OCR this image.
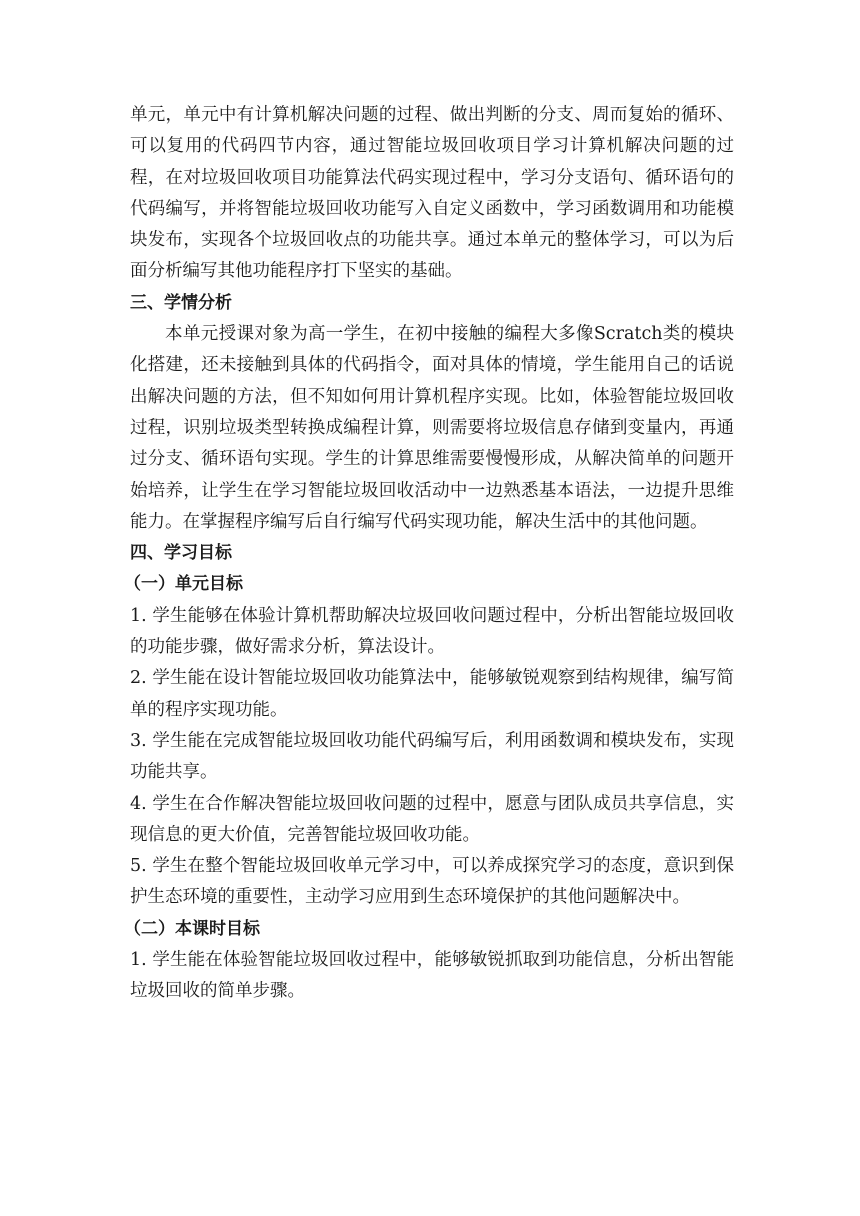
单元，单元中有计算机解决问题的过程、做出判断的分支、周而复始的循环、可以复用的代码四节内容，通过智能垃圾回收项目学习计算机解决问题的过程，在对垃圾回收项目功能算法代码实现过程中，学习分支语句、循环语句的代码编写，并将智能垃圾回收功能写入自定义函数中，学习函数调用和功能模块发布，实现各个垃圾回收点的功能共享。通过本单元的整体学习，可以为后面分析编写其他功能程序打下坚实的基础。

三、学情分析

本单元授课对象为高一学生，在初中接触的编程大多像Scratch类的模块化搭建，还未接触到具体的代码指令，面对具体的情境，学生能用自己的话说出解决问题的方法，但不知如何用计算机程序实现。比如，体验智能垃圾回收过程，识别垃圾类型转换成编程计算，则需要将垃圾信息存储到变量内，再通过分支、循环语句实现。学生的计算思维需要慢慢形成，从解决简单的问题开始培养，让学生在学习智能垃圾回收活动中一边熟悉基本语法，一边提升思维能力。在掌握程序编写后自行编写代码实现功能，解决生活中的其他问题。

四、学习目标

（一）单元目标

1. 学生能够在体验计算机帮助解决垃圾回收问题过程中，分析出智能垃圾回收的功能步骤，做好需求分析，算法设计。

2. 学生能在设计智能垃圾回收功能算法中，能够敏锐观察到结构规律，编写简单的程序实现功能。

3. 学生能在完成智能垃圾回收功能代码编写后，利用函数调和模块发布，实现功能共享。

4. 学生在合作解决智能垃圾回收问题的过程中，愿意与团队成员共享信息，实现信息的更大价值，完善智能垃圾回收功能。

5. 学生在整个智能垃圾回收单元学习中，可以养成探究学习的态度，意识到保护生态环境的重要性，主动学习应用到生态环境保护的其他问题解决中。

（二）本课时目标

1. 学生能在体验智能垃圾回收过程中，能够敏锐抓取到功能信息，分析出智能垃圾回收的简单步骤。
